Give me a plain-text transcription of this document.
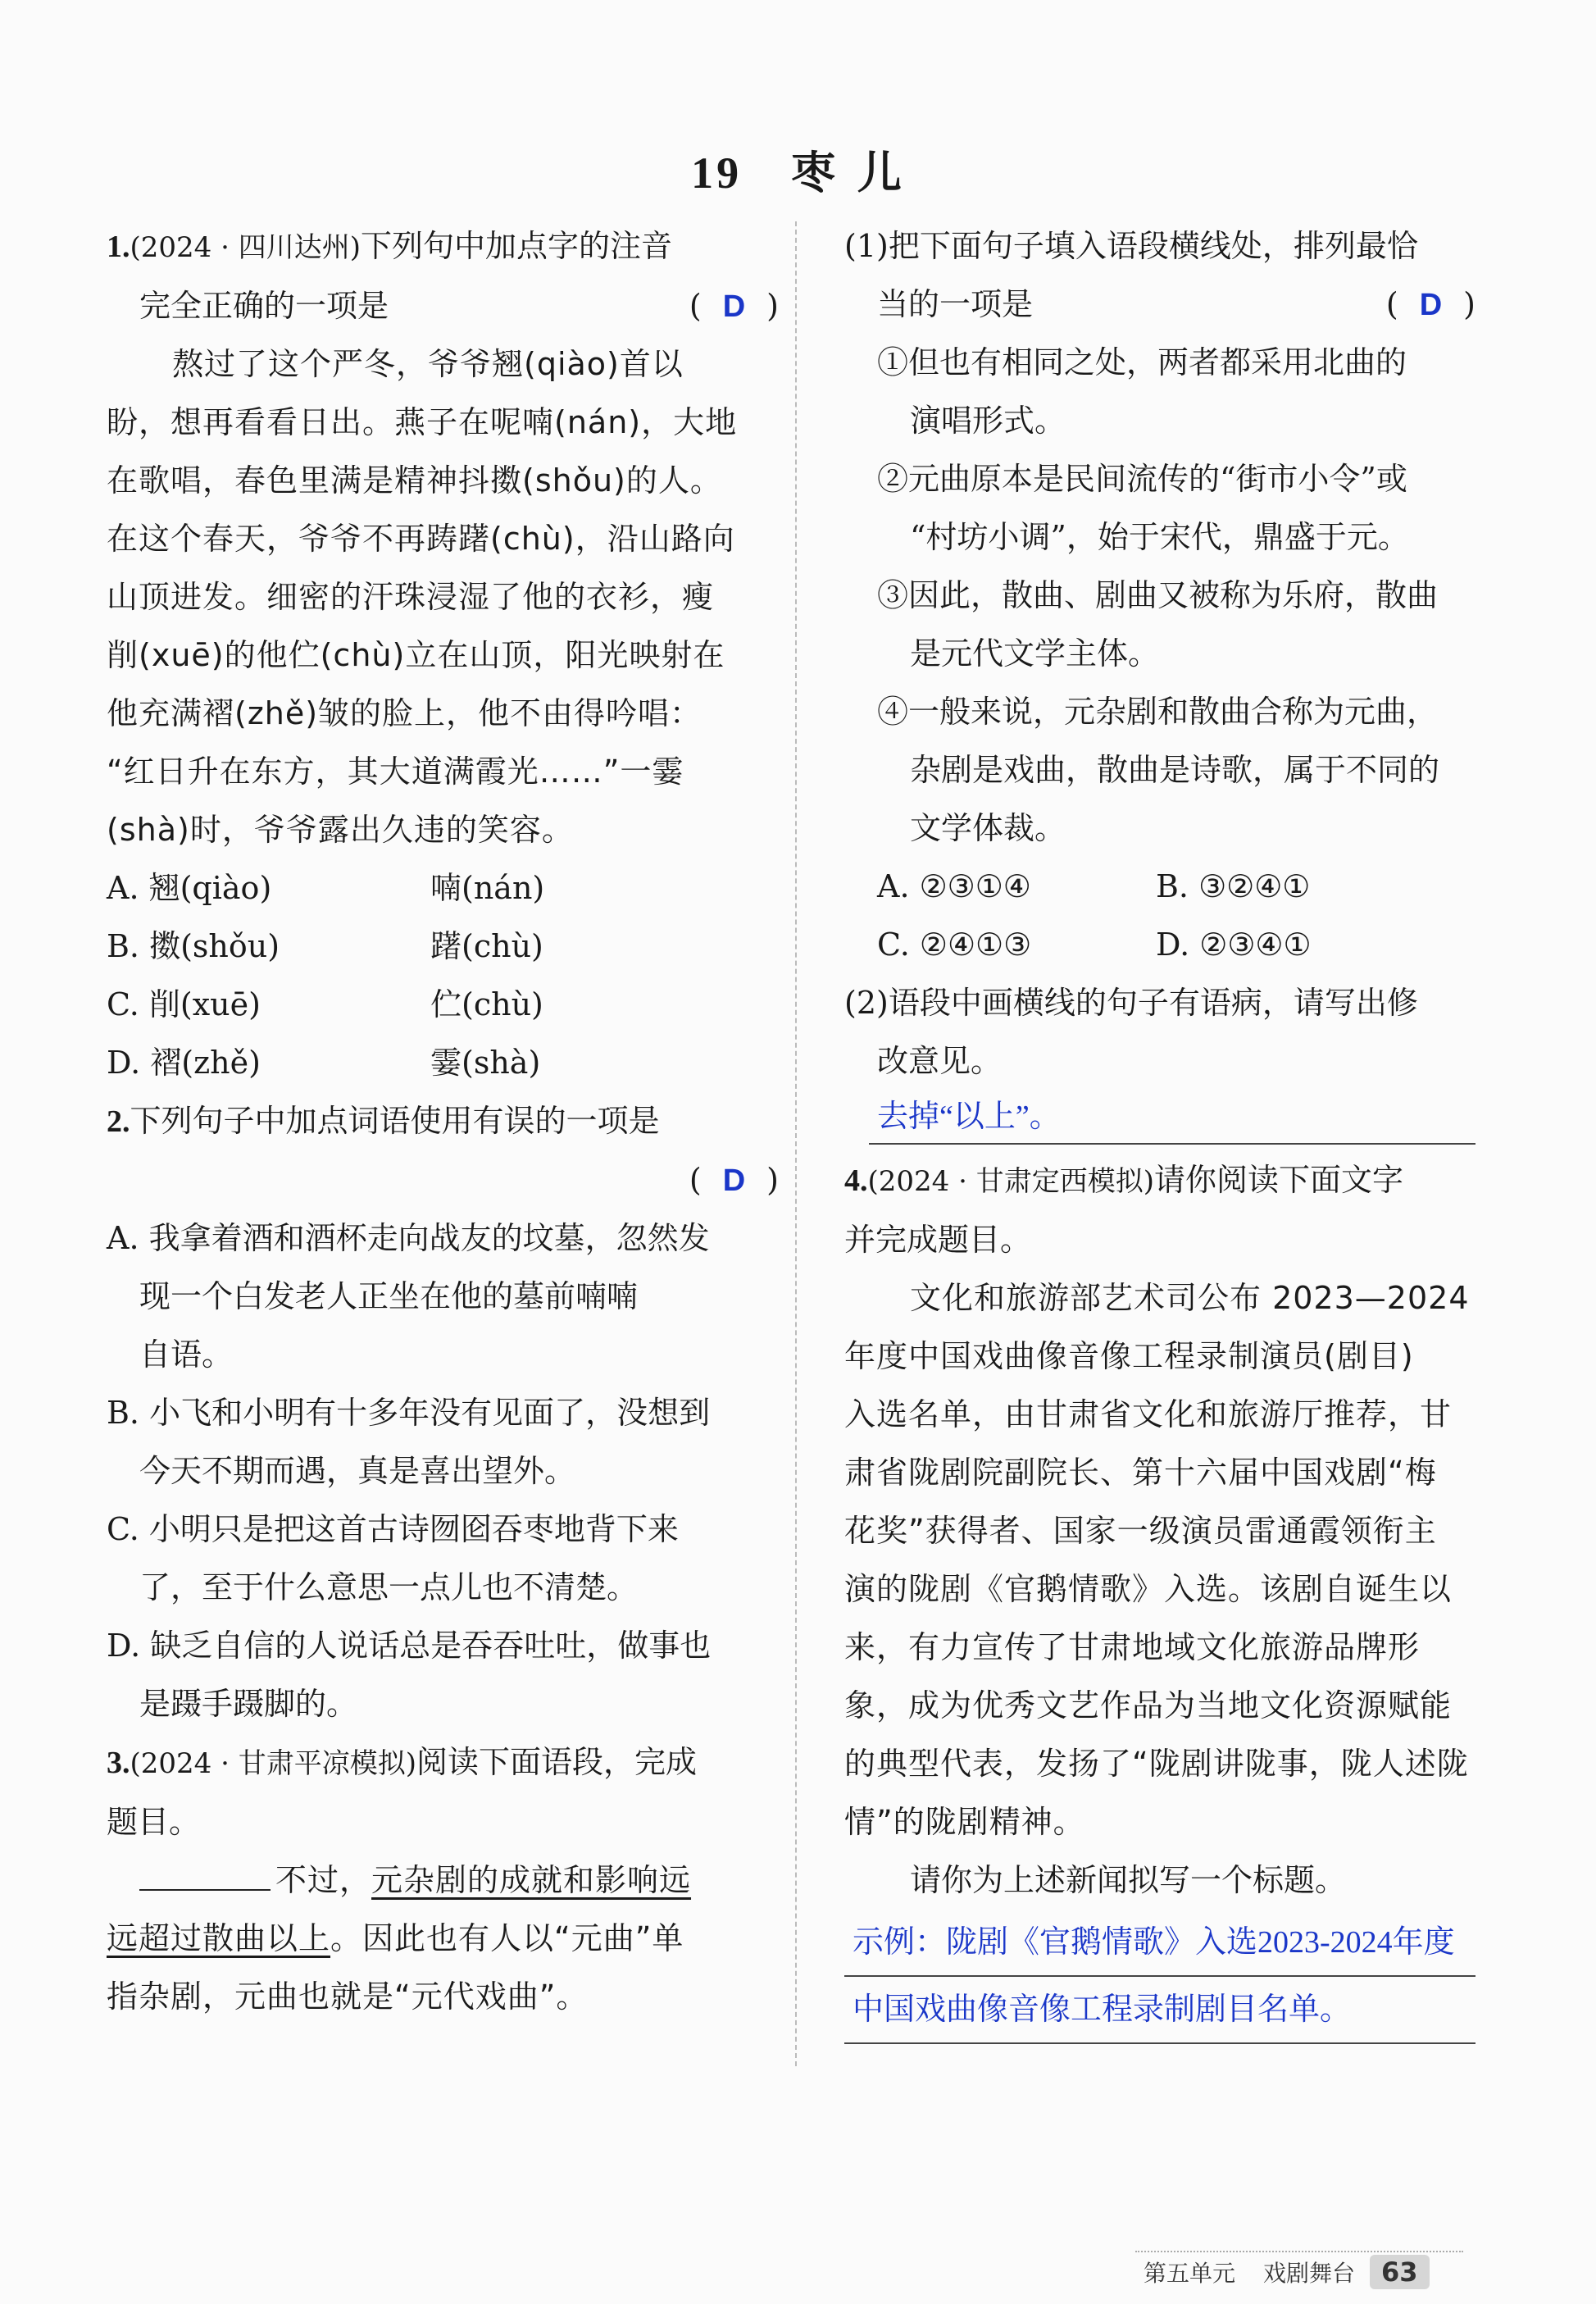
19 枣 儿
1.(2024 · 四川达州)下列句中加点字的注音
完全正确的一项是	( D )
熬过了这个严冬，爷爷翘(qiào)首以
盼，想再看看日出。燕子在呢喃(nán)，大地
在歌唱，春色里满是精神抖擞(shǒu)的人。
在这个春天，爷爷不再踌躇(chù)，沿山路向
山顶进发。细密的汗珠浸湿了他的衣衫，瘦
削(xuē)的他伫(chù)立在山顶，阳光映射在
他充满褶(zhě)皱的脸上，他不由得吟唱：
“红日升在东方，其大道满霞光……”一霎
(shà)时，爷爷露出久违的笑容。
A. 翘(qiào)	喃(nán)
B. 擞(shǒu)	躇(chù)
C. 削(xuē)	伫(chù)
D. 褶(zhě)	霎(shà)
2.下列句子中加点词语使用有误的一项是
( D )
A. 我拿着酒和酒杯走向战友的坟墓，忽然发
现一个白发老人正坐在他的墓前喃喃
自语。
B. 小飞和小明有十多年没有见面了，没想到
今天不期而遇，真是喜出望外。
C. 小明只是把这首古诗囫囵吞枣地背下来
了，至于什么意思一点儿也不清楚。
D. 缺乏自信的人说话总是吞吞吐吐，做事也
是蹑手蹑脚的。
3.(2024 · 甘肃平凉模拟)阅读下面语段，完成
题目。
不过，元杂剧的成就和影响远
远超过散曲以上。因此也有人以“元曲”单
指杂剧，元曲也就是“元代戏曲”。
(1)把下面句子填入语段横线处，排列最恰
当的一项是	( D )
①但也有相同之处，两者都采用北曲的
演唱形式。
②元曲原本是民间流传的“街市小令”或
“村坊小调”，始于宋代，鼎盛于元。
③因此，散曲、剧曲又被称为乐府，散曲
是元代文学主体。
④一般来说，元杂剧和散曲合称为元曲，
杂剧是戏曲，散曲是诗歌，属于不同的
文学体裁。
A. ②③①④	B. ③②④①
C. ②④①③	D. ②③④①
(2)语段中画横线的句子有语病，请写出修
改意见。
去掉“以上”。
4.(2024 · 甘肃定西模拟)请你阅读下面文字
并完成题目。
文化和旅游部艺术司公布 2023—2024
年度中国戏曲像音像工程录制演员(剧目)
入选名单，由甘肃省文化和旅游厅推荐，甘
肃省陇剧院副院长、第十六届中国戏剧“梅
花奖”获得者、国家一级演员雷通霞领衔主
演的陇剧《官鹅情歌》入选。该剧自诞生以
来，有力宣传了甘肃地域文化旅游品牌形
象，成为优秀文艺作品为当地文化资源赋能
的典型代表，发扬了“陇剧讲陇事，陇人述陇
情”的陇剧精神。
请你为上述新闻拟写一个标题。
示例：陇剧《官鹅情歌》入选2023-2024年度
中国戏曲像音像工程录制剧目名单。
第五单元 戏剧舞台	63
